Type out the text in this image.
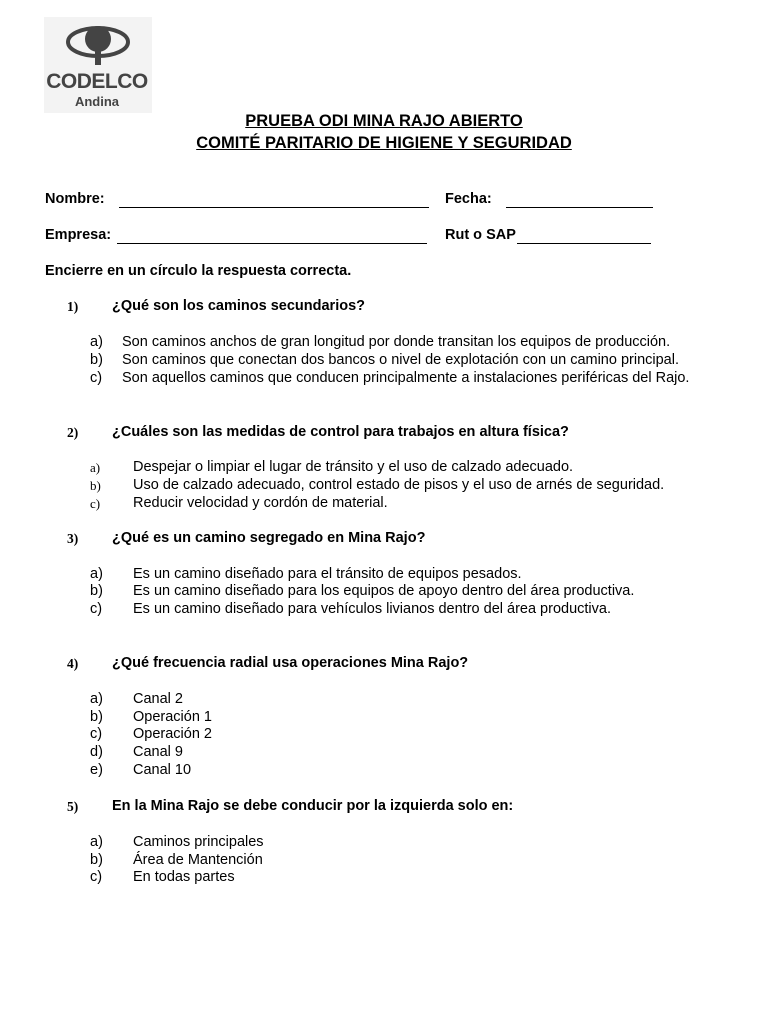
CODELCO
Andina
PRUEBA ODI MINA RAJO ABIERTO
COMITÉ PARITARIO DE HIGIENE Y SEGURIDAD
Nombre:	Fecha:
Empresa:	Rut o SAP
Encierre en un círculo la respuesta correcta.
1) ¿Qué son los caminos secundarios?
a) Son caminos anchos de gran longitud por donde transitan los equipos de producción.
b) Son caminos que conectan dos bancos o nivel de explotación con un camino principal.
c) Son aquellos caminos que conducen principalmente a instalaciones periféricas del Rajo.
2) ¿Cuáles son las medidas de control para trabajos en altura física?
a) Despejar o limpiar el lugar de tránsito y el uso de calzado adecuado.
b) Uso de calzado adecuado, control estado de pisos y el uso de arnés de seguridad.
c) Reducir velocidad y cordón de material.
3) ¿Qué es un camino segregado en Mina Rajo?
a) Es un camino diseñado para el tránsito de equipos pesados.
b) Es un camino diseñado para los equipos de apoyo dentro del área productiva.
c) Es un camino diseñado para vehículos livianos dentro del área productiva.
4) ¿Qué frecuencia radial usa operaciones Mina Rajo?
a) Canal 2
b) Operación 1
c) Operación 2
d) Canal 9
e) Canal 10
5) En la Mina Rajo se debe conducir por la izquierda solo en:
a) Caminos principales
b) Área de Mantención
c) En todas partes
